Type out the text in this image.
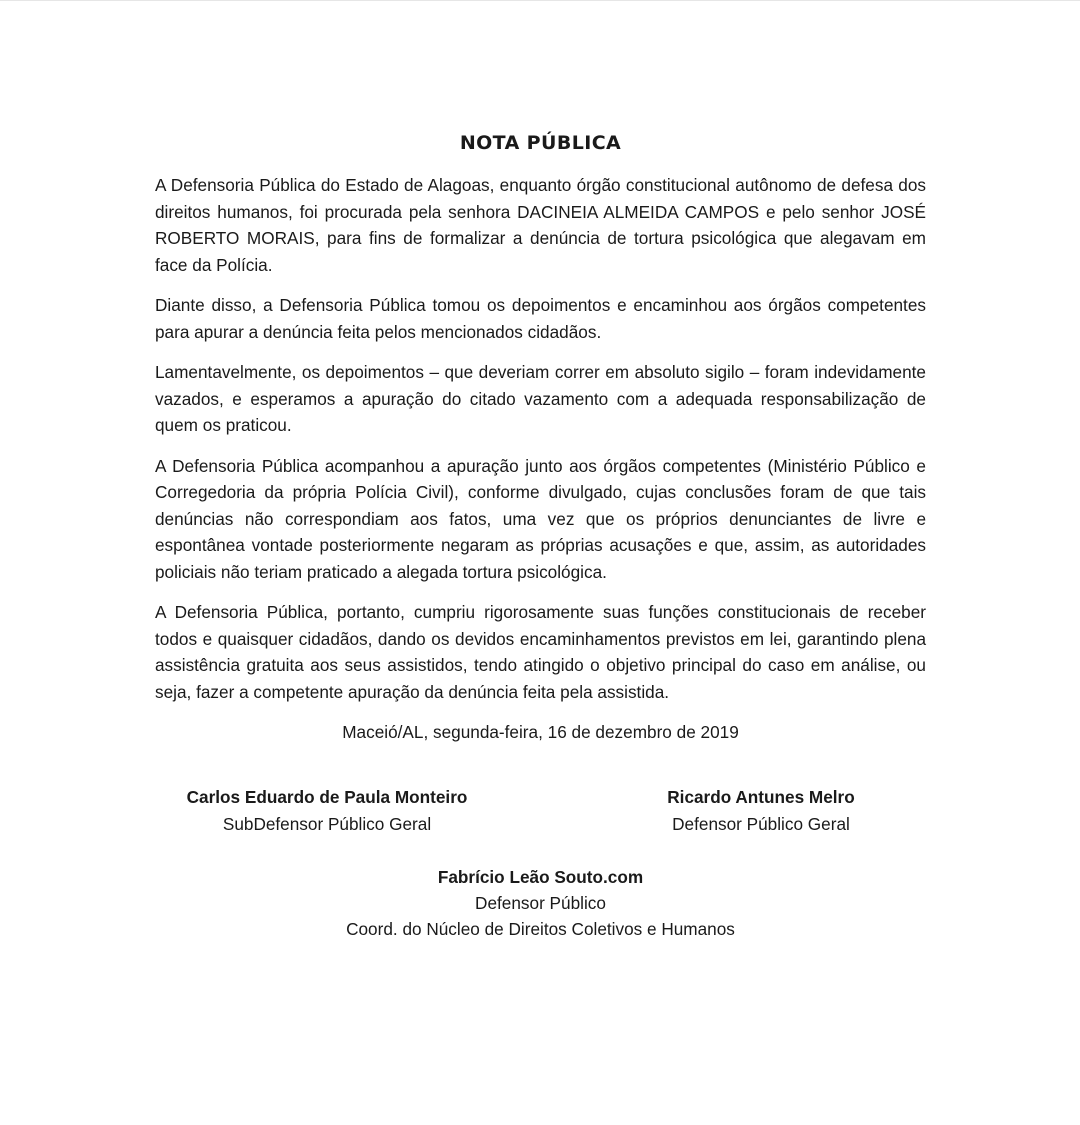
NOTA PÚBLICA

A Defensoria Pública do Estado de Alagoas, enquanto órgão constitucional autônomo de defesa dos direitos humanos, foi procurada pela senhora DACINEIA ALMEIDA CAMPOS e pelo senhor JOSÉ ROBERTO MORAIS, para fins de formalizar a denúncia de tortura psicológica que alegavam em face da Polícia.

Diante disso, a Defensoria Pública tomou os depoimentos e encaminhou aos órgãos competentes para apurar a denúncia feita pelos mencionados cidadãos.

Lamentavelmente, os depoimentos – que deveriam correr em absoluto sigilo – foram indevidamente vazados, e esperamos a apuração do citado vazamento com a adequada responsabilização de quem os praticou.

A Defensoria Pública acompanhou a apuração junto aos órgãos competentes (Ministério Público e Corregedoria da própria Polícia Civil), conforme divulgado, cujas conclusões foram de que tais denúncias não correspondiam aos fatos, uma vez que os próprios denunciantes de livre e espontânea vontade posteriormente negaram as próprias acusações e que, assim, as autoridades policiais não teriam praticado a alegada tortura psicológica.

A Defensoria Pública, portanto, cumpriu rigorosamente suas funções constitucionais de receber todos e quaisquer cidadãos, dando os devidos encaminhamentos previstos em lei, garantindo plena assistência gratuita aos seus assistidos, tendo atingido o objetivo principal do caso em análise, ou seja, fazer a competente apuração da denúncia feita pela assistida.

Maceió/AL, segunda-feira, 16 de dezembro de 2019

Carlos Eduardo de Paula Monteiro
SubDefensor Público Geral
Ricardo Antunes Melro
Defensor Público Geral
Fabrício Leão Souto.com
Defensor Público
Coord. do Núcleo de Direitos Coletivos e Humanos
